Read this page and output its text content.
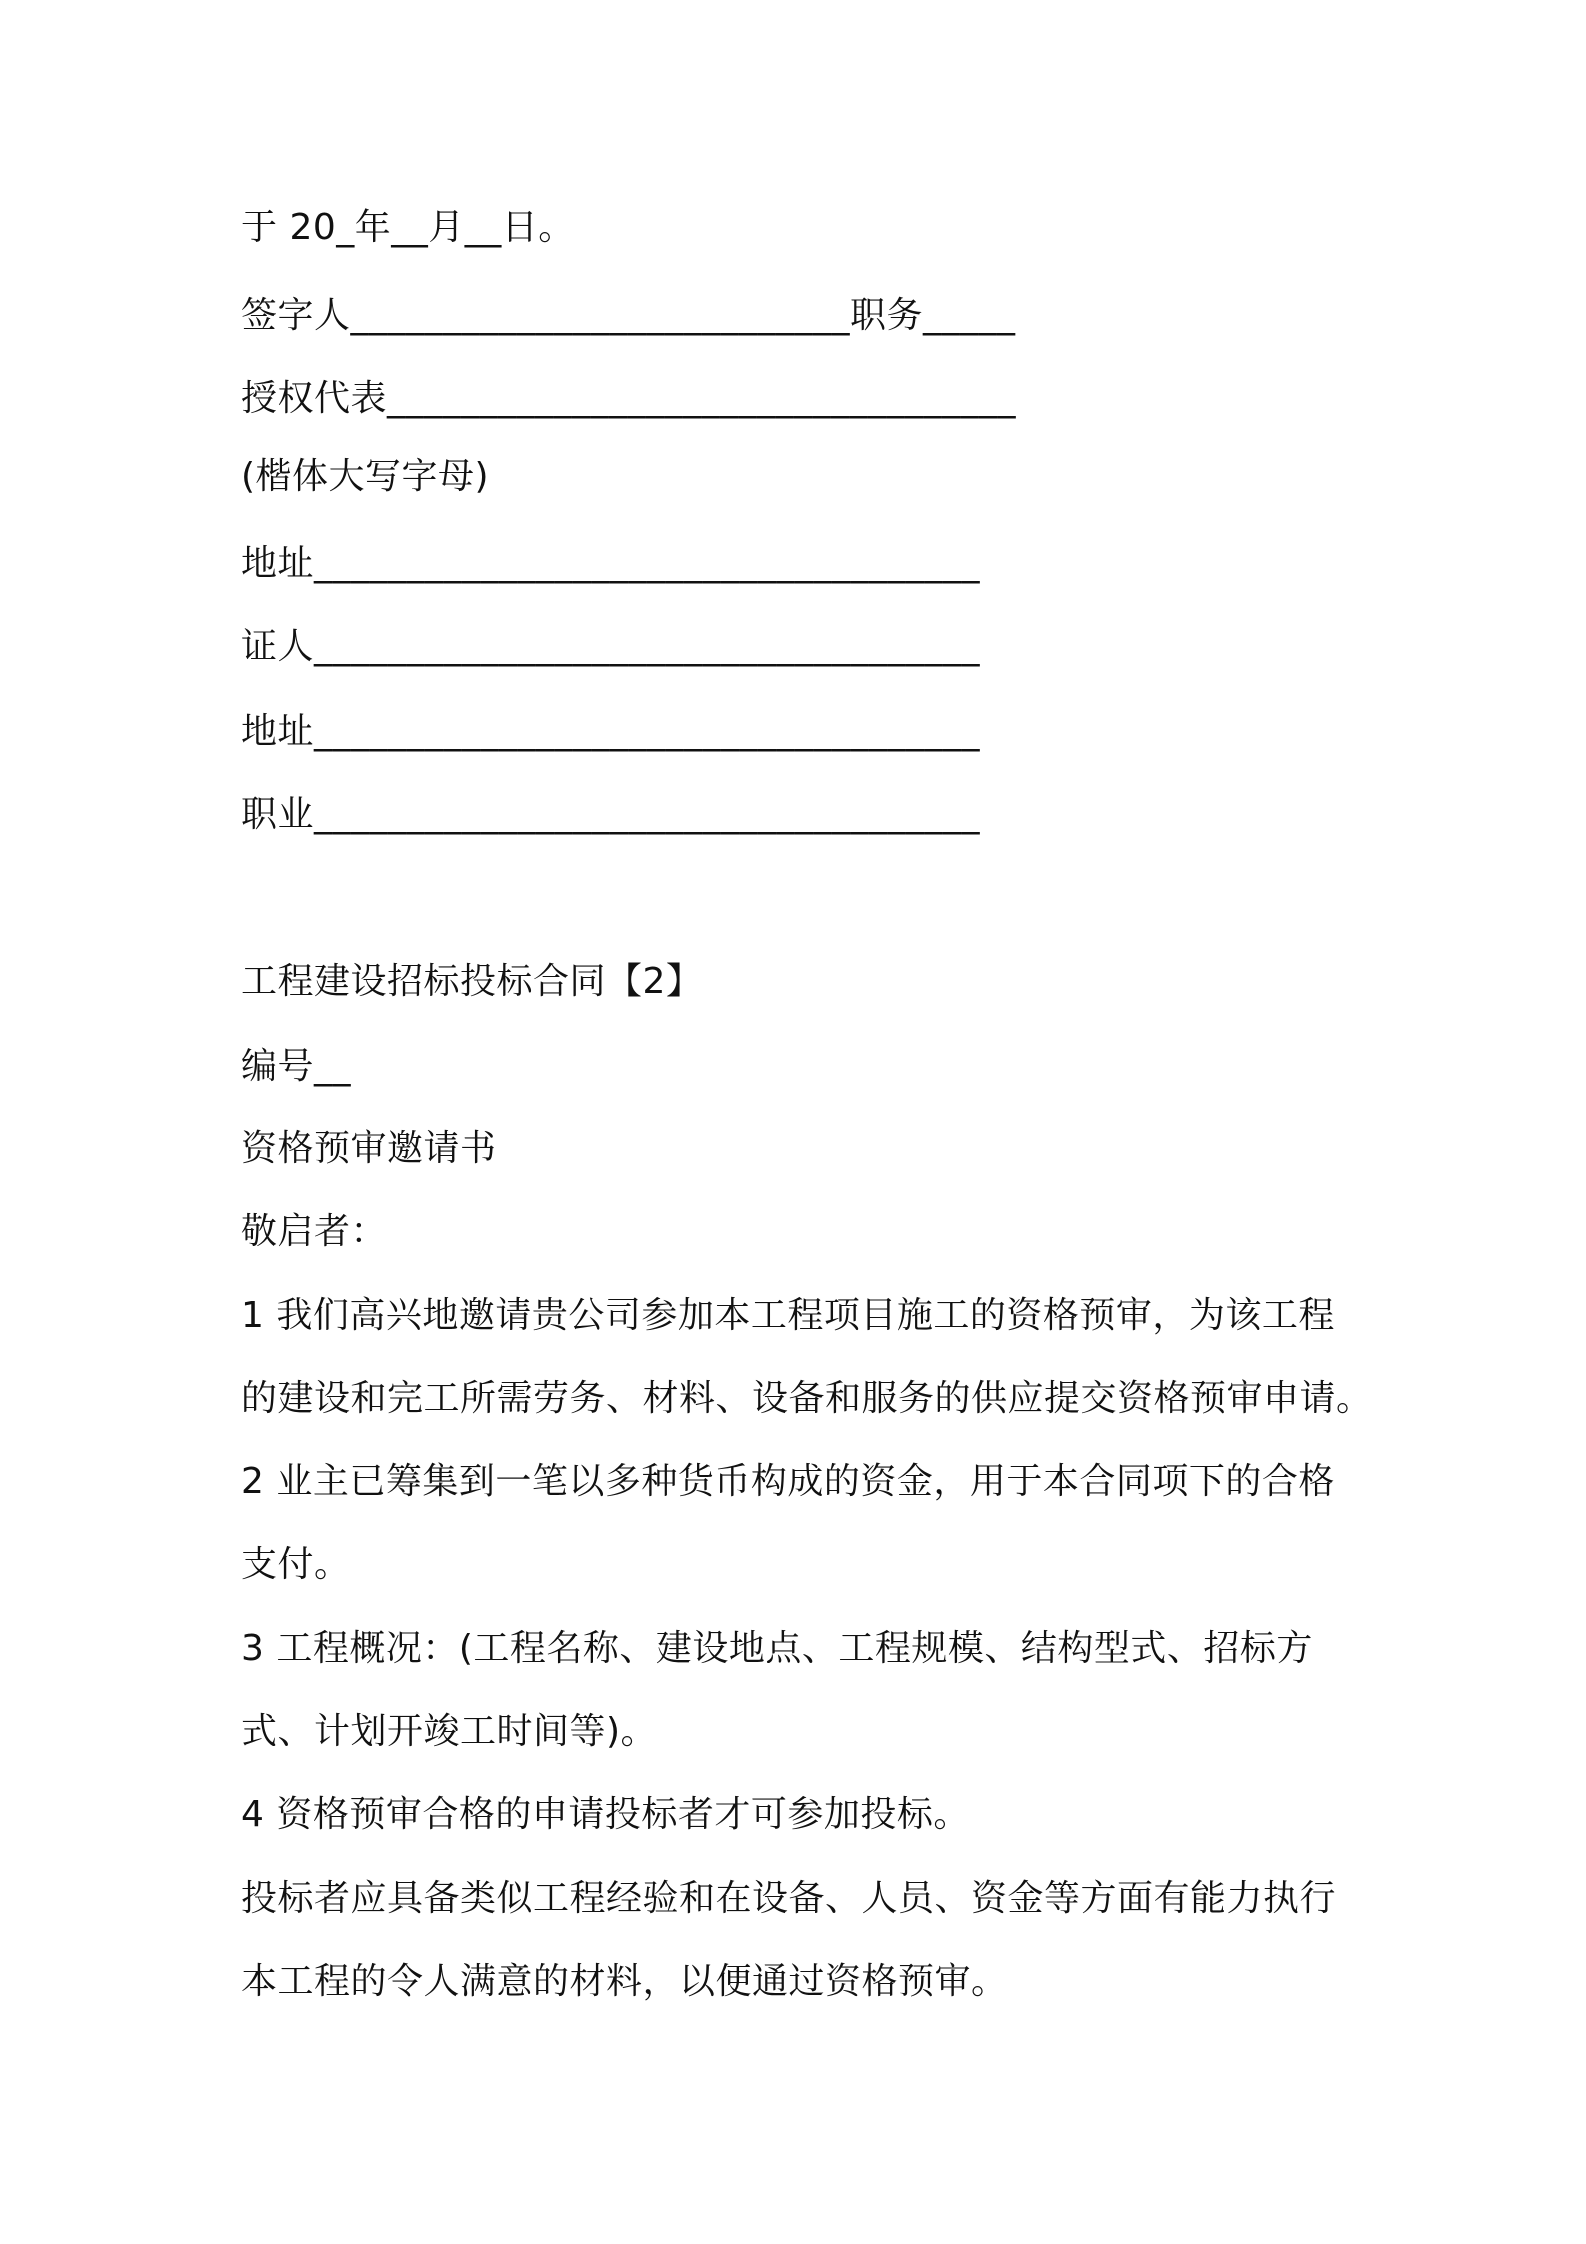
于 20_年__月__日。
签字人___________________________职务_____
授权代表__________________________________
(楷体大写字母)
地址____________________________________
证人____________________________________
地址____________________________________
职业____________________________________
工程建设招标投标合同【2】
编号__
资格预审邀请书
敬启者：
1 我们高兴地邀请贵公司参加本工程项目施工的资格预审，为该工程
的建设和完工所需劳务、材料、设备和服务的供应提交资格预审申请。
2 业主已筹集到一笔以多种货币构成的资金，用于本合同项下的合格
支付。
3 工程概况：(工程名称、建设地点、工程规模、结构型式、招标方
式、计划开竣工时间等)。
4 资格预审合格的申请投标者才可参加投标。
投标者应具备类似工程经验和在设备、人员、资金等方面有能力执行
本工程的令人满意的材料，以便通过资格预审。
